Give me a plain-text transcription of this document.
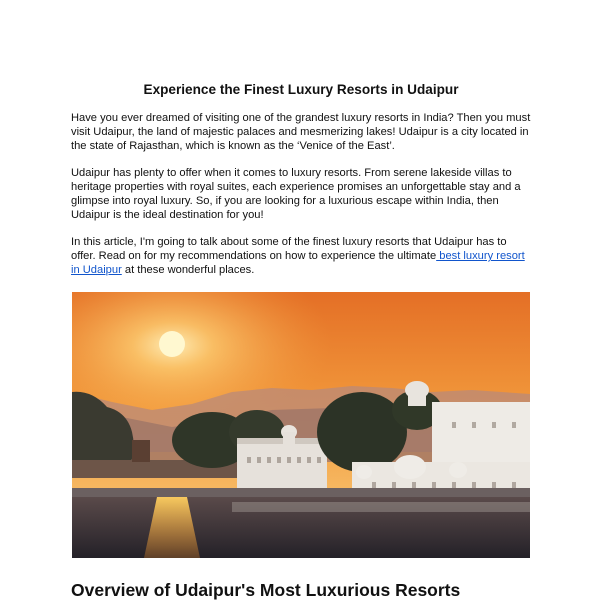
Experience the Finest Luxury Resorts in Udaipur

Have you ever dreamed of visiting one of the grandest luxury resorts in India? Then you must visit Udaipur, the land of majestic palaces and mesmerizing lakes! Udaipur is a city located in the state of Rajasthan, which is known as the ‘Venice of the East’.

Udaipur has plenty to offer when it comes to luxury resorts. From serene lakeside villas to heritage properties with royal suites, each experience promises an unforgettable stay and a glimpse into royal luxury. So, if you are looking for a luxurious escape within India, then Udaipur is the ideal destination for you!

In this article, I'm going to talk about some of the finest luxury resorts that Udaipur has to offer. Read on for my recommendations on how to experience the ultimate best luxury resort in Udaipur at these wonderful places.

Overview of Udaipur's Most Luxurious Resorts
